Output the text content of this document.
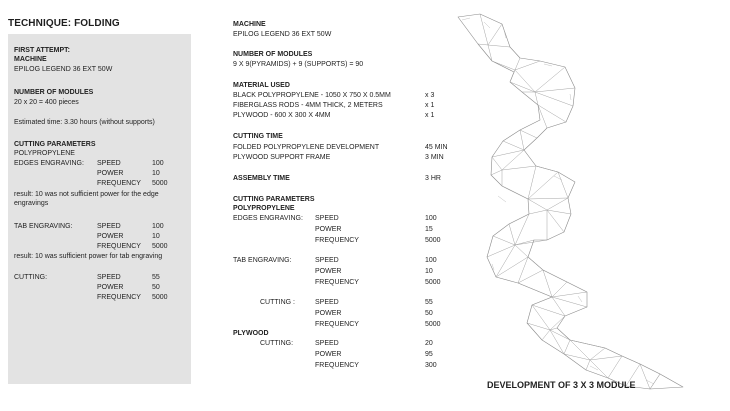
TECHNIQUE: FOLDING
FIRST ATTEMPT:
MACHINE
EPILOG LEGEND 36 EXT 50W
NUMBER OF MODULES
20 x 20 = 400 pieces
Estimated time: 3.30 hours (without supports)
CUTTING PARAMETERS
POLYPROPYLENE
EDGES ENGRAVING: SPEED	100
POWER	10
FREQUENCY 5000
result: 10 was not sufficient power for the edge
engravings
TAB ENGRAVING:	SPEED	100
POWER	10
FREQUENCY 5000
result: 10 was sufficient power for tab engraving
CUTTING:	SPEED	55
POWER	50
FREQUENCY 5000
MACHINE
EPILOG LEGEND 36 EXT 50W
NUMBER OF MODULES
9 X 9(PYRAMIDS) + 9 (SUPPORTS) = 90
MATERIAL USED
BLACK POLYPROPYLENE - 1050 X 750 X 0.5MM	x 3
FIBERGLASS RODS - 4MM THICK, 2 METERS	x 1
PLYWOOD - 600 X 300 X 4MM	x 1
CUTTING TIME
FOLDED POLYPROPYLENE DEVELOPMENT	45 MIN
PLYWOOD SUPPORT FRAME	3 MIN
ASSEMBLY TIME	3 HR
CUTTING PARAMETERS
POLYPROPYLENE
EDGES ENGRAVING: SPEED	100
POWER	15
FREQUENCY	5000
TAB ENGRAVING:	SPEED	100
POWER	10
FREQUENCY	5000
CUTTING :	SPEED	55
POWER	50
FREQUENCY	5000
PLYWOOD
CUTTING:	SPEED	20
POWER	95
FREQUENCY	300
DEVELOPMENT OF 3 X 3 MODULE
